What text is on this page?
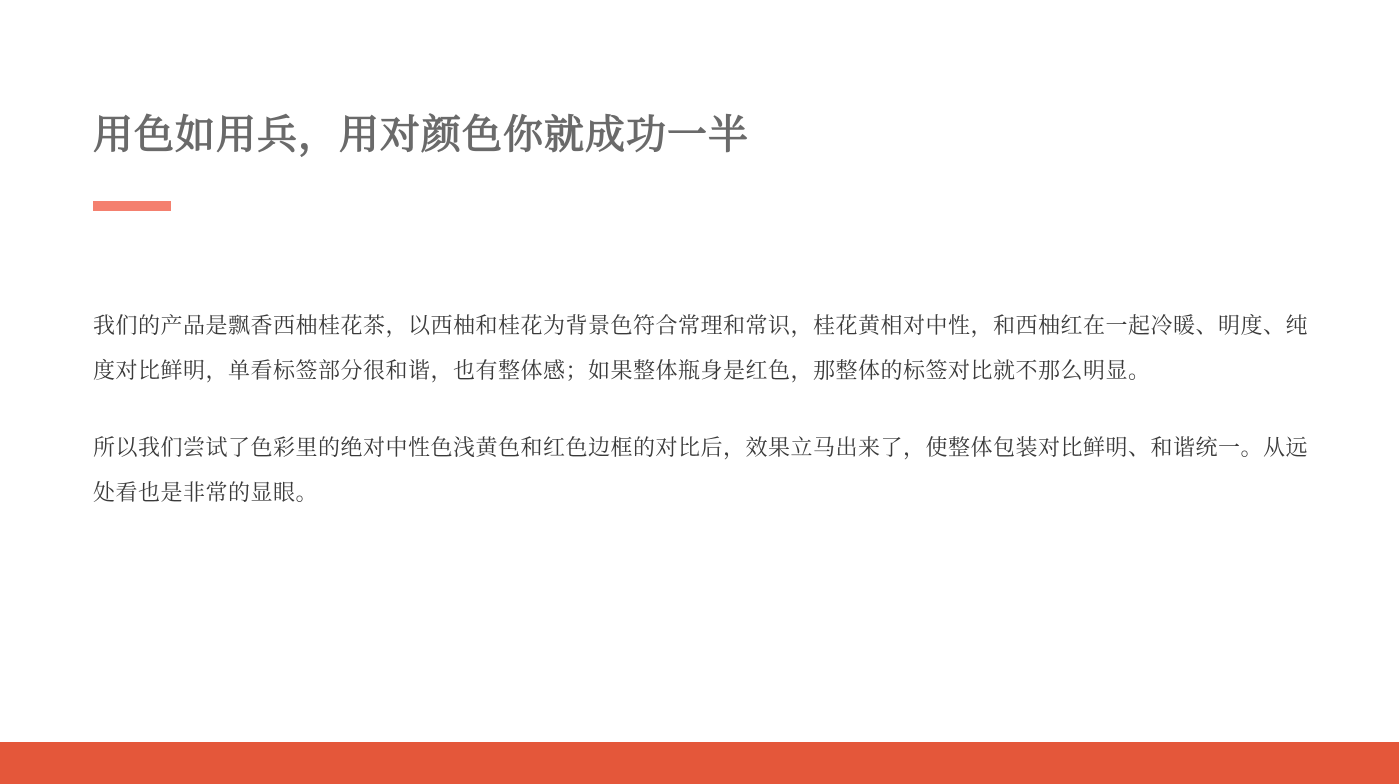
用色如用兵，用对颜色你就成功一半

我们的产品是飘香西柚桂花茶，以西柚和桂花为背景色符合常理和常识，桂花黄相对中性，和西柚红在一起冷暖、明度、纯度对比鲜明，单看标签部分很和谐，也有整体感；如果整体瓶身是红色，那整体的标签对比就不那么明显。

所以我们尝试了色彩里的绝对中性色浅黄色和红色边框的对比后，效果立马出来了，使整体包装对比鲜明、和谐统一。从远处看也是非常的显眼。
